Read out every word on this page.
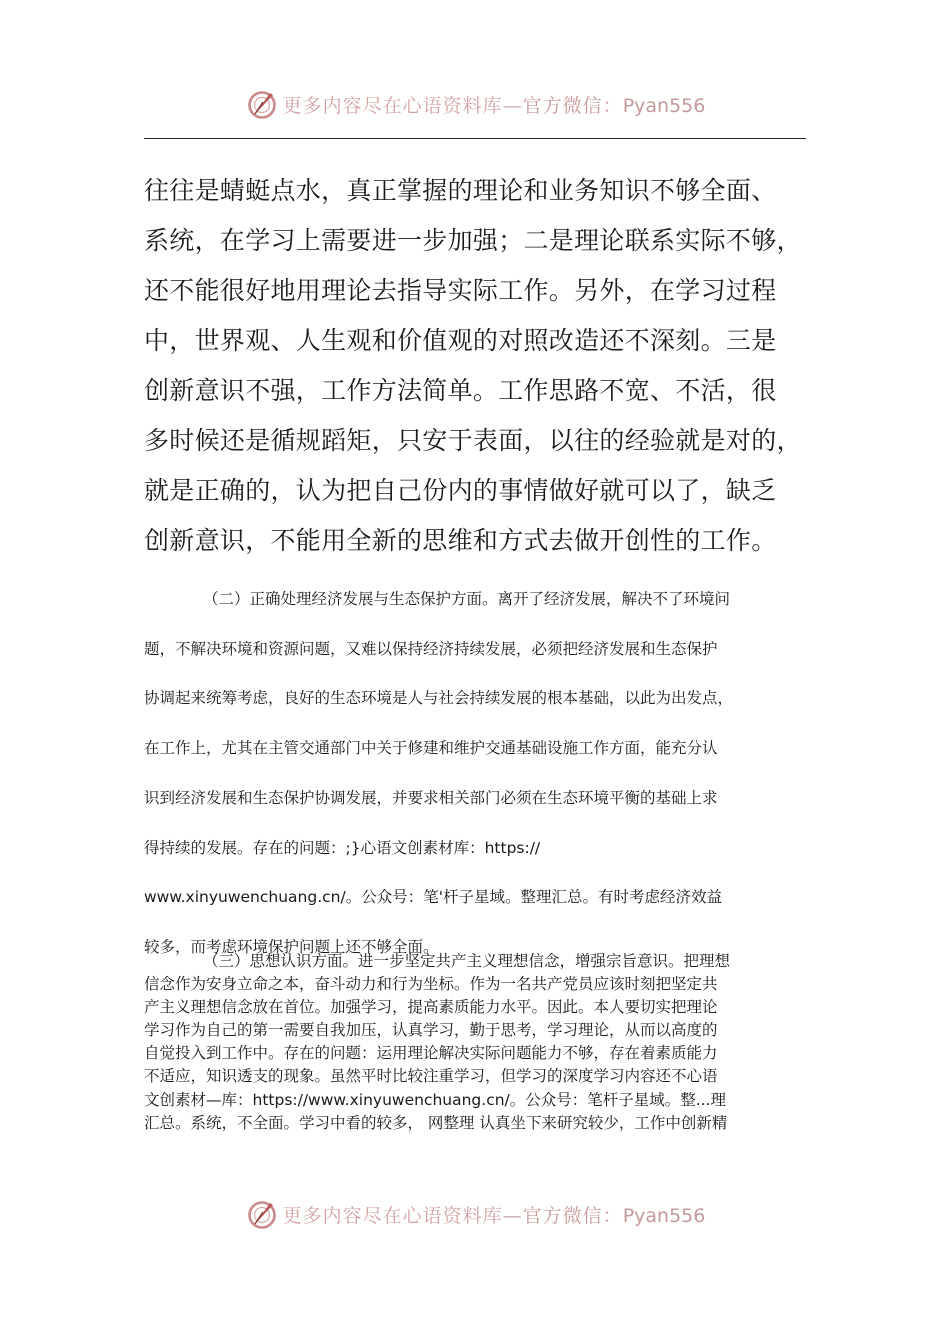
更多内容尽在心语资料库—官方微信：Pyan556
往往是蜻蜓点水，真正掌握的理论和业务知识不够全面、
系统，在学习上需要进一步加强；二是理论联系实际不够，
还不能很好地用理论去指导实际工作。另外，在学习过程
中，世界观、人生观和价值观的对照改造还不深刻。三是
创新意识不强，工作方法简单。工作思路不宽、不活，很
多时候还是循规蹈矩，只安于表面，以往的经验就是对的，
就是正确的，认为把自己份内的事情做好就可以了，缺乏
创新意识，不能用全新的思维和方式去做开创性的工作。
（二）正确处理经济发展与生态保护方面。离开了经济发展，解决不了环境问
题，不解决环境和资源问题，又难以保持经济持续发展，必须把经济发展和生态保护
协调起来统筹考虑，良好的生态环境是人与社会持续发展的根本基础，以此为出发点，
在工作上，尤其在主管交通部门中关于修建和维护交通基础设施工作方面，能充分认
识到经济发展和生态保护协调发展，并要求相关部门必须在生态环境平衡的基础上求
得持续的发展。存在的问题：;}心语文创素材库：https://
www.xinyuwenchuang.cn/。公众号：笔'杆子星域。整理汇总。有时考虑经济效益
较多，而考虑环境保护问题上还不够全面。
（三）思想认识方面。进一步坚定共产主义理想信念，增强宗旨意识。把理想
信念作为安身立命之本，奋斗动力和行为坐标。作为一名共产党员应该时刻把坚定共
产主义理想信念放在首位。加强学习，提高素质能力水平。因此。本人要切实把理论
学习作为自己的第一需要自我加压，认真学习，勤于思考，学习理论，从而以高度的
自觉投入到工作中。存在的问题：运用理论解决实际问题能力不够，存在着素质能力
不适应，知识透支的现象。虽然平时比较注重学习，但学习的深度学习内容还不心语
文创素材—库：https://www.xinyuwenchuang.cn/。公众号：笔杆子星域。整...理
汇总。系统，不全面。学习中看的较多， 网整理 认真坐下来研究较少，工作中创新精
更多内容尽在心语资料库—官方微信：Pyan556
